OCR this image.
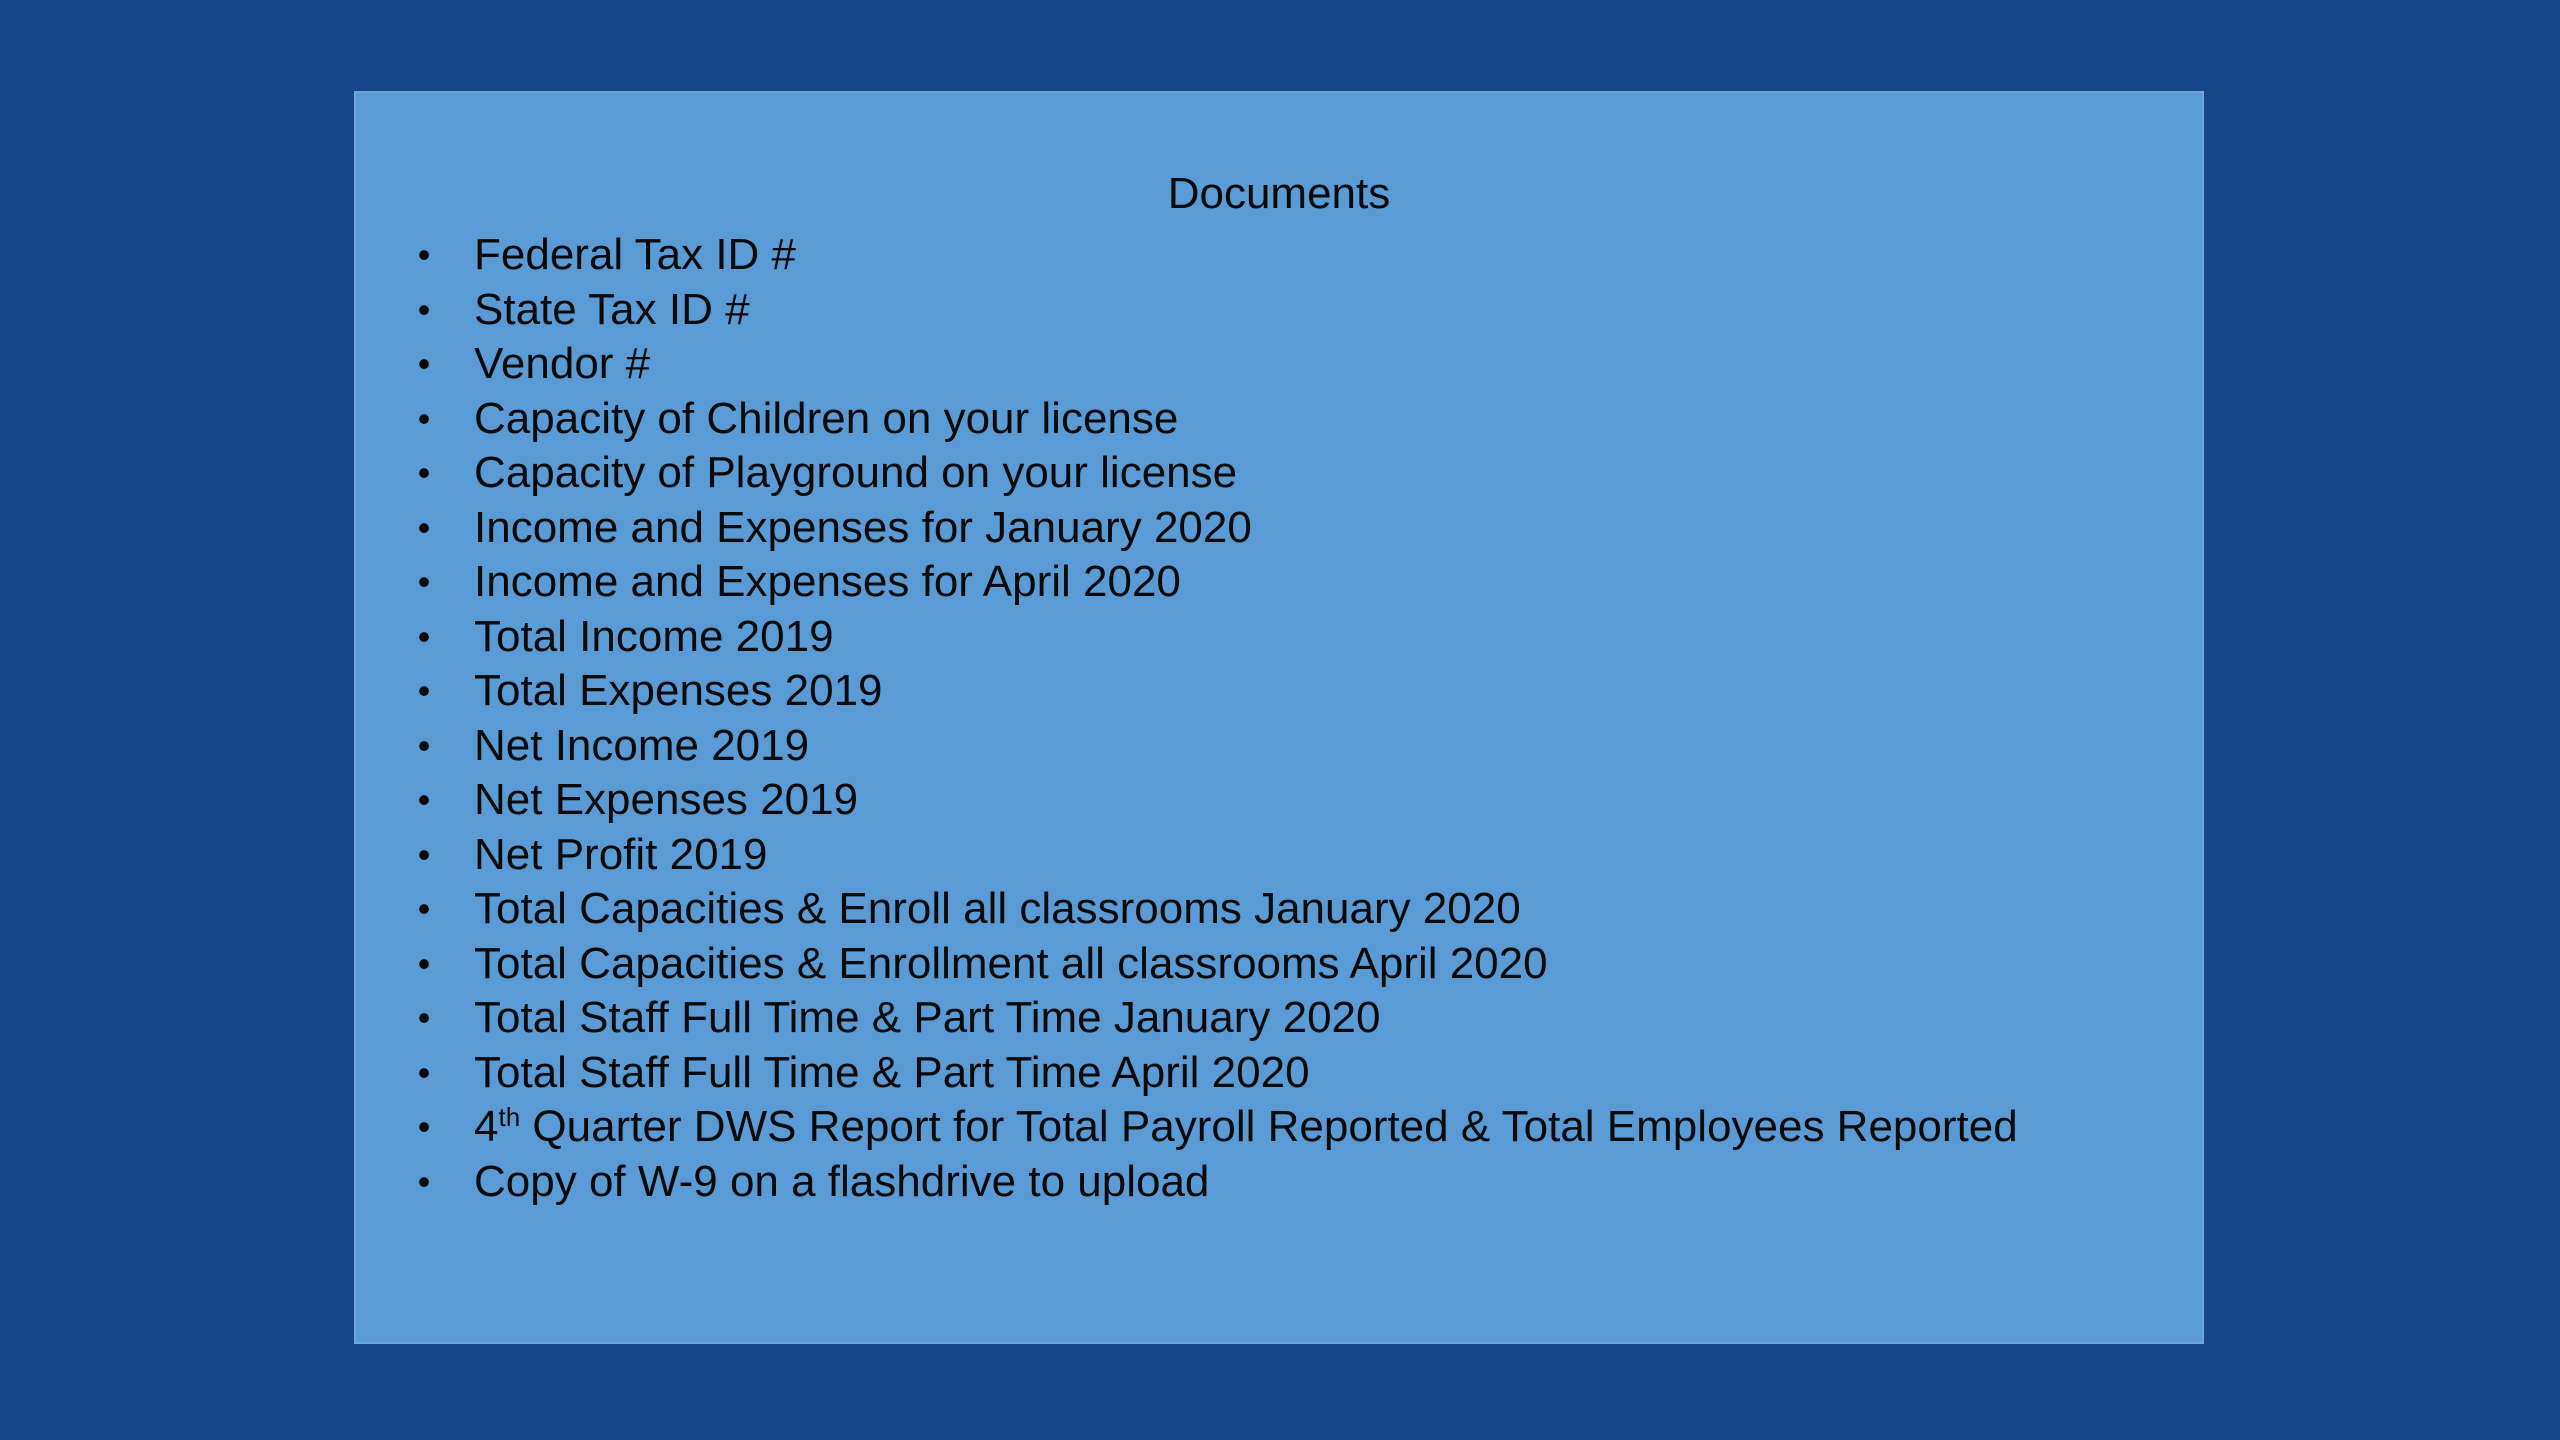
Documents
• Federal Tax ID #
• State Tax ID #
• Vendor #
• Capacity of Children on your license
• Capacity of Playground on your license
• Income and Expenses for January 2020
• Income and Expenses for April 2020
• Total Income 2019
• Total Expenses 2019
• Net Income 2019
• Net Expenses 2019
• Net Profit 2019
• Total Capacities & Enroll all classrooms January 2020
• Total Capacities & Enrollment all classrooms April 2020
• Total Staff Full Time & Part Time January 2020
• Total Staff Full Time & Part Time April 2020
• 4th Quarter DWS Report for Total Payroll Reported & Total Employees Reported
• Copy of W-9 on a flashdrive to upload
